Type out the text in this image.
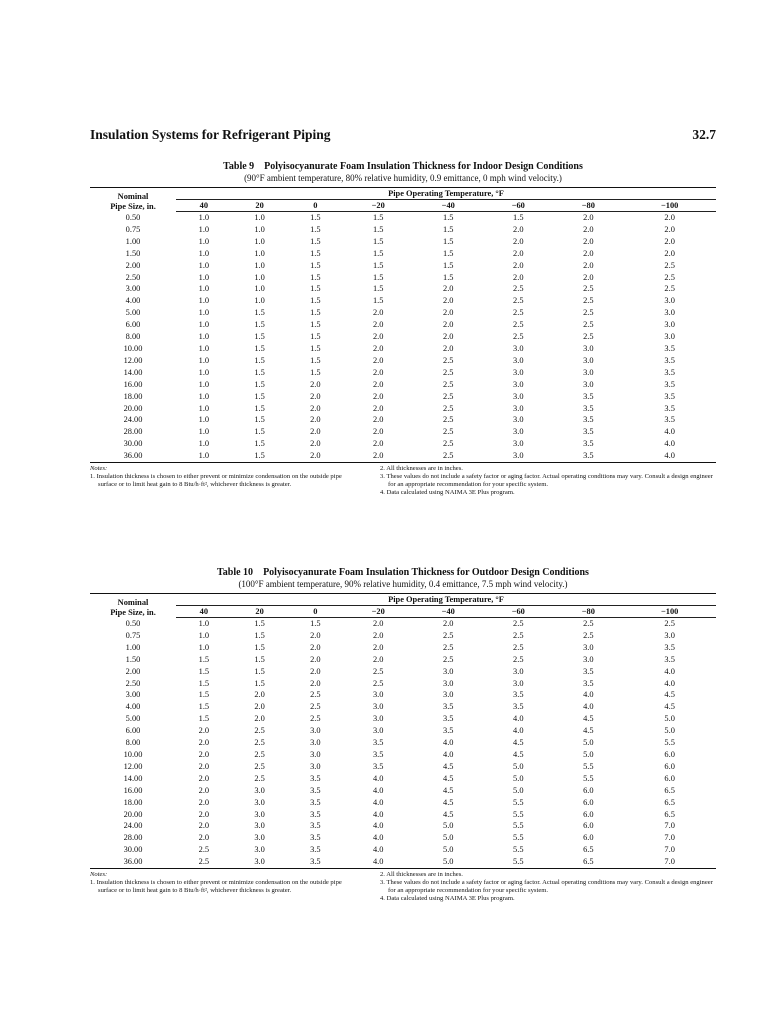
Insulation Systems for Refrigerant Piping	32.7
Table 9 Polyisocyanurate Foam Insulation Thickness for Indoor Design Conditions
(90°F ambient temperature, 80% relative humidity, 0.9 emittance, 0 mph wind velocity.)
Nominal
Pipe Size, in.	Pipe Operating Temperature, °F							
	40	20	0	−20	−40	−60	−80	−100
0.50	1.0	1.0	1.5	1.5	1.5	1.5	2.0	2.0
0.75	1.0	1.0	1.5	1.5	1.5	2.0	2.0	2.0
1.00	1.0	1.0	1.5	1.5	1.5	2.0	2.0	2.0
1.50	1.0	1.0	1.5	1.5	1.5	2.0	2.0	2.0
2.00	1.0	1.0	1.5	1.5	1.5	2.0	2.0	2.5
2.50	1.0	1.0	1.5	1.5	1.5	2.0	2.0	2.5
3.00	1.0	1.0	1.5	1.5	2.0	2.5	2.5	2.5
4.00	1.0	1.0	1.5	1.5	2.0	2.5	2.5	3.0
5.00	1.0	1.5	1.5	2.0	2.0	2.5	2.5	3.0
6.00	1.0	1.5	1.5	2.0	2.0	2.5	2.5	3.0
8.00	1.0	1.5	1.5	2.0	2.0	2.5	2.5	3.0
10.00	1.0	1.5	1.5	2.0	2.0	3.0	3.0	3.5
12.00	1.0	1.5	1.5	2.0	2.5	3.0	3.0	3.5
14.00	1.0	1.5	1.5	2.0	2.5	3.0	3.0	3.5
16.00	1.0	1.5	2.0	2.0	2.5	3.0	3.0	3.5
18.00	1.0	1.5	2.0	2.0	2.5	3.0	3.5	3.5
20.00	1.0	1.5	2.0	2.0	2.5	3.0	3.5	3.5
24.00	1.0	1.5	2.0	2.0	2.5	3.0	3.5	3.5
28.00	1.0	1.5	2.0	2.0	2.5	3.0	3.5	4.0
30.00	1.0	1.5	2.0	2.0	2.5	3.0	3.5	4.0
36.00	1.0	1.5	2.0	2.0	2.5	3.0	3.5	4.0
Notes:
1. Insulation thickness is chosen to either prevent or minimize condensation on the outside pipe surface or to limit heat gain to 8 Btu/h·ft², whichever thickness is greater.
2. All thicknesses are in inches.
3. These values do not include a safety factor or aging factor. Actual operating conditions may vary. Consult a design engineer for an appropriate recommendation for your specific system.
4. Data calculated using NAIMA 3E Plus program.
Table 10 Polyisocyanurate Foam Insulation Thickness for Outdoor Design Conditions
(100°F ambient temperature, 90% relative humidity, 0.4 emittance, 7.5 mph wind velocity.)
Nominal
Pipe Size, in.	Pipe Operating Temperature, °F							
	40	20	0	−20	−40	−60	−80	−100
0.50	1.0	1.5	1.5	2.0	2.0	2.5	2.5	2.5
0.75	1.0	1.5	2.0	2.0	2.5	2.5	2.5	3.0
1.00	1.0	1.5	2.0	2.0	2.5	2.5	3.0	3.5
1.50	1.5	1.5	2.0	2.0	2.5	2.5	3.0	3.5
2.00	1.5	1.5	2.0	2.5	3.0	3.0	3.5	4.0
2.50	1.5	1.5	2.0	2.5	3.0	3.0	3.5	4.0
3.00	1.5	2.0	2.5	3.0	3.0	3.5	4.0	4.5
4.00	1.5	2.0	2.5	3.0	3.5	3.5	4.0	4.5
5.00	1.5	2.0	2.5	3.0	3.5	4.0	4.5	5.0
6.00	2.0	2.5	3.0	3.0	3.5	4.0	4.5	5.0
8.00	2.0	2.5	3.0	3.5	4.0	4.5	5.0	5.5
10.00	2.0	2.5	3.0	3.5	4.0	4.5	5.0	6.0
12.00	2.0	2.5	3.0	3.5	4.5	5.0	5.5	6.0
14.00	2.0	2.5	3.5	4.0	4.5	5.0	5.5	6.0
16.00	2.0	3.0	3.5	4.0	4.5	5.0	6.0	6.5
18.00	2.0	3.0	3.5	4.0	4.5	5.5	6.0	6.5
20.00	2.0	3.0	3.5	4.0	4.5	5.5	6.0	6.5
24.00	2.0	3.0	3.5	4.0	5.0	5.5	6.0	7.0
28.00	2.0	3.0	3.5	4.0	5.0	5.5	6.0	7.0
30.00	2.5	3.0	3.5	4.0	5.0	5.5	6.5	7.0
36.00	2.5	3.0	3.5	4.0	5.0	5.5	6.5	7.0
Notes:
1. Insulation thickness is chosen to either prevent or minimize condensation on the outside pipe surface or to limit heat gain to 8 Btu/h·ft², whichever thickness is greater.
2. All thicknesses are in inches.
3. These values do not include a safety factor or aging factor. Actual operating conditions may vary. Consult a design engineer for an appropriate recommendation for your specific system.
4. Data calculated using NAIMA 3E Plus program.
